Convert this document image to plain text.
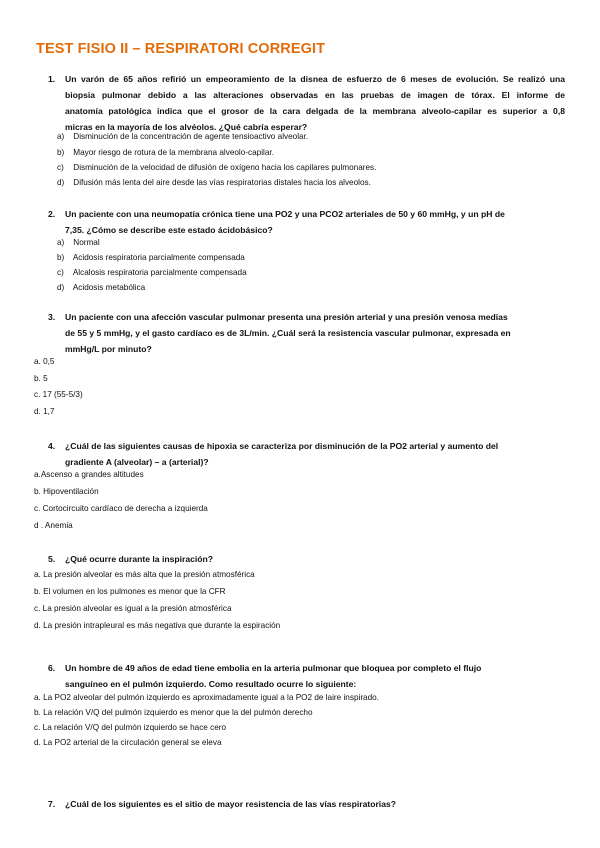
TEST FISIO II – RESPIRATORI CORREGIT
1. Un varón de 65 años refirió un empeoramiento de la disnea de esfuerzo de 6 meses de evolución. Se realizó una
biopsia pulmonar debido a las alteraciones observadas en las pruebas de imagen de tórax. El informe de
anatomía patológica indica que el grosor de la cara delgada de la membrana alveolo-capilar es superior a 0,8
micras en la mayoría de los alvéolos. ¿Qué cabría esperar?
a) Disminución de la concentración de agente tensioactivo alveolar.
b) Mayor riesgo de rotura de la membrana alveolo-capilar.
c) Disminución de la velocidad de difusión de oxígeno hacia los capilares pulmonares.
d) Difusión más lenta del aire desde las vías respiratorias distales hacia los alveolos.
2. Un paciente con una neumopatía crónica tiene una PO2 y una PCO2 arteriales de 50 y 60 mmHg, y un pH de
7,35. ¿Cómo se describe este estado ácidobásico?
a) Normal
b) Acidosis respiratoria parcialmente compensada
c) Alcalosis respiratoria parcialmente compensada
d) Acidosis metabólica
3. Un paciente con una afección vascular pulmonar presenta una presión arterial y una presión venosa medias
de 55 y 5 mmHg, y el gasto cardíaco es de 3L/min. ¿Cuál será la resistencia vascular pulmonar, expresada en
mmHg/L por minuto?
a. 0,5
b. 5
c. 17 (55-5/3)
d. 1,7
4. ¿Cuál de las siguientes causas de hipoxia se caracteriza por disminución de la PO2 arterial y aumento del
gradiente A (alveolar) – a (arterial)?
a.Ascenso a grandes altitudes
b. Hipoventilación
c. Cortocircuito cardíaco de derecha a izquierda
d . Anemia
5. ¿Qué ocurre durante la inspiración?
a. La presión alveolar es más alta que la presión atmosférica
b. El volumen en los pulmones es menor que la CFR
c. La presión alveolar es igual a la presión atmosférica
d. La presión intrapleural es más negativa que durante la espiración
6. Un hombre de 49 años de edad tiene embolia en la arteria pulmonar que bloquea por completo el flujo
sanguíneo en el pulmón izquierdo. Como resultado ocurre lo siguiente:
a. La PO2 alveolar del pulmón izquierdo es aproximadamente igual a la PO2 de laire inspirado.
b. La relación V/Q del pulmón izquierdo es menor que la del pulmón derecho
c. La relación V/Q del pulmón izquierdo se hace cero
d. La PO2 arterial de la circulación general se eleva
7. ¿Cuál de los siguientes es el sitio de mayor resistencia de las vías respiratorias?
